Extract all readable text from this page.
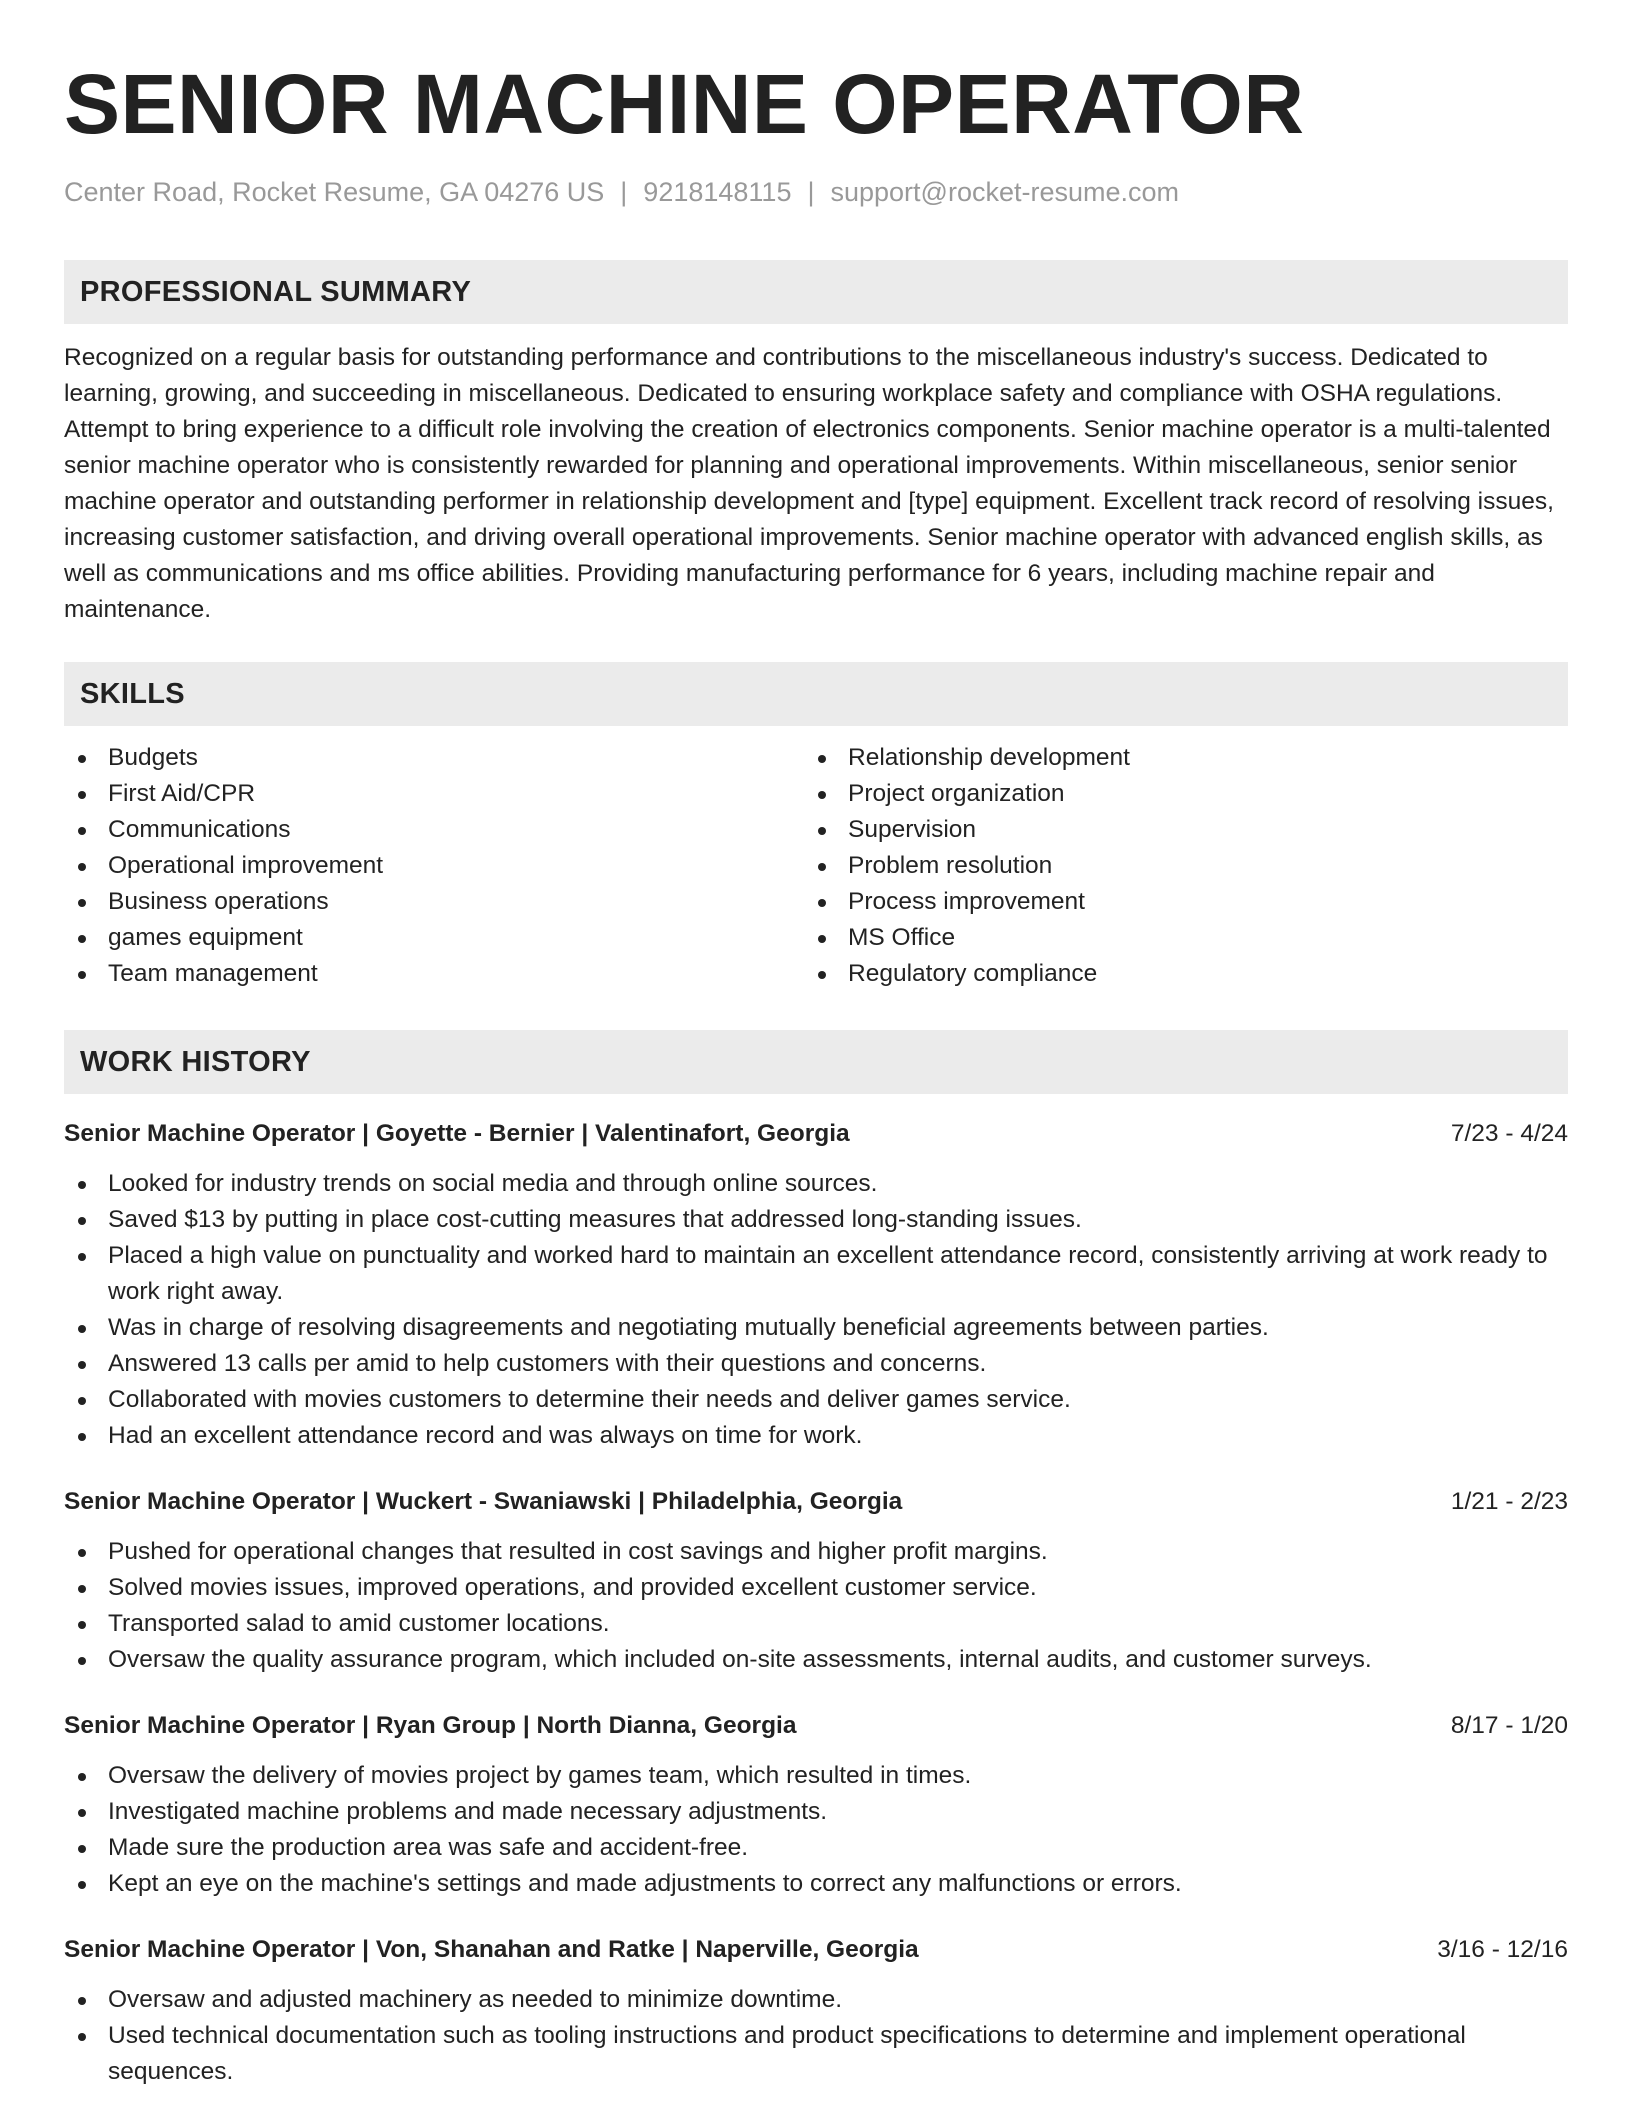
SENIOR MACHINE OPERATOR
Center Road, Rocket Resume, GA 04276 US | 9218148115 | support@rocket-resume.com
PROFESSIONAL SUMMARY
Recognized on a regular basis for outstanding performance and contributions to the miscellaneous industry's success. Dedicated to learning, growing, and succeeding in miscellaneous. Dedicated to ensuring workplace safety and compliance with OSHA regulations. Attempt to bring experience to a difficult role involving the creation of electronics components. Senior machine operator is a multi-talented senior machine operator who is consistently rewarded for planning and operational improvements. Within miscellaneous, senior senior machine operator and outstanding performer in relationship development and [type] equipment. Excellent track record of resolving issues, increasing customer satisfaction, and driving overall operational improvements. Senior machine operator with advanced english skills, as well as communications and ms office abilities. Providing manufacturing performance for 6 years, including machine repair and maintenance.
SKILLS
Budgets
First Aid/CPR
Communications
Operational improvement
Business operations
games equipment
Team management
Relationship development
Project organization
Supervision
Problem resolution
Process improvement
MS Office
Regulatory compliance
WORK HISTORY
Senior Machine Operator | Goyette - Bernier | Valentinafort, Georgia	7/23 - 4/24
Looked for industry trends on social media and through online sources.
Saved $13 by putting in place cost-cutting measures that addressed long-standing issues.
Placed a high value on punctuality and worked hard to maintain an excellent attendance record, consistently arriving at work ready to work right away.
Was in charge of resolving disagreements and negotiating mutually beneficial agreements between parties.
Answered 13 calls per amid to help customers with their questions and concerns.
Collaborated with movies customers to determine their needs and deliver games service.
Had an excellent attendance record and was always on time for work.
Senior Machine Operator | Wuckert - Swaniawski | Philadelphia, Georgia	1/21 - 2/23
Pushed for operational changes that resulted in cost savings and higher profit margins.
Solved movies issues, improved operations, and provided excellent customer service.
Transported salad to amid customer locations.
Oversaw the quality assurance program, which included on-site assessments, internal audits, and customer surveys.
Senior Machine Operator | Ryan Group | North Dianna, Georgia	8/17 - 1/20
Oversaw the delivery of movies project by games team, which resulted in times.
Investigated machine problems and made necessary adjustments.
Made sure the production area was safe and accident-free.
Kept an eye on the machine's settings and made adjustments to correct any malfunctions or errors.
Senior Machine Operator | Von, Shanahan and Ratke | Naperville, Georgia	3/16 - 12/16
Oversaw and adjusted machinery as needed to minimize downtime.
Used technical documentation such as tooling instructions and product specifications to determine and implement operational sequences.
